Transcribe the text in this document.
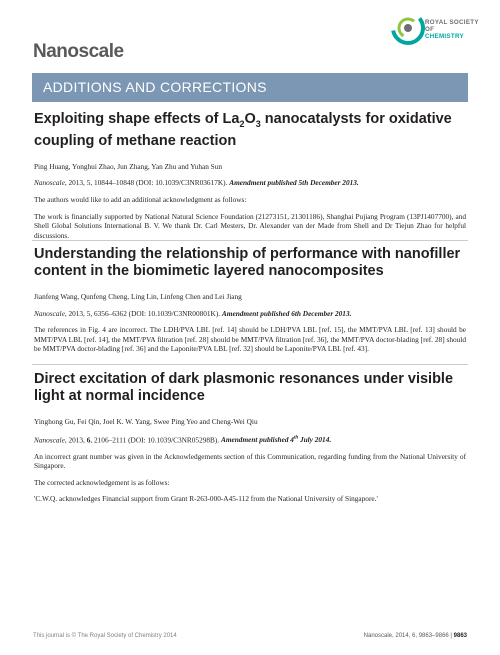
Nanoscale
ROYAL SOCIETY
OF
CHEMISTRY
ADDITIONS AND CORRECTIONS
Exploiting shape effects of $La_2O_3$ nanocatalysts for oxidative coupling of methane reaction

Ping Huang, Yonghui Zhao, Jun Zhang, Yan Zhu and Yuhan Sun

Nanoscale, 2013, 5, 10844–10848 (DOI: 10.1039/C3NR03617K). Amendment published 5th December 2013.

The authors would like to add an additional acknowledgment as follows:

The work is financially supported by National Natural Science Foundation (21273151, 21301186), Shanghai Pujiang Program (13PJ1407700), and Shell Global Solutions International B. V. We thank Dr. Carl Mesters, Dr. Alexander van der Made from Shell and Dr Tiejun Zhao for helpful discussions.

Understanding the relationship of performance with nanofiller content in the biomimetic layered nanocomposites

Jianfeng Wang, Qunfeng Cheng, Ling Lin, Linfeng Chen and Lei Jiang

Nanoscale, 2013, 5, 6356–6362 (DOI: 10.1039/C3NR00801K). Amendment published 6th December 2013.

The references in Fig. 4 are incorrect. The LDH/PVA LBL [ref. 14] should be LDH/PVA LBL [ref. 15], the MMT/PVA LBL [ref. 13] should be MMT/PVA LBL [ref. 14], the MMT/PVA filtration [ref. 28] should be MMT/PVA filtration [ref. 36], the MMT/PVA doctor-blading [ref. 28] should be MMT/PVA doctor-blading [ref. 36] and the Laponite/PVA LBL [ref. 32] should be Laponite/PVA LBL [ref. 43].

Direct excitation of dark plasmonic resonances under visible light at normal incidence

Yinghong Gu, Fei Qin, Joel K. W. Yang, Swee Ping Yeo and Cheng-Wei Qiu

Nanoscale, 2013, 6, 2106–2111 (DOI: 10.1039/C3NR05298B). Amendment published 4th July 2014.

An incorrect grant number was given in the Acknowledgements section of this Communication, regarding funding from the National University of Singapore.

The corrected acknowledgement is as follows:

'C.W.Q. acknowledges Financial support from Grant R-263-000-A45-112 from the National University of Singapore.'

This journal is © The Royal Society of Chemistry 2014	Nanoscale, 2014, 6, 9863–9866 | 9863
